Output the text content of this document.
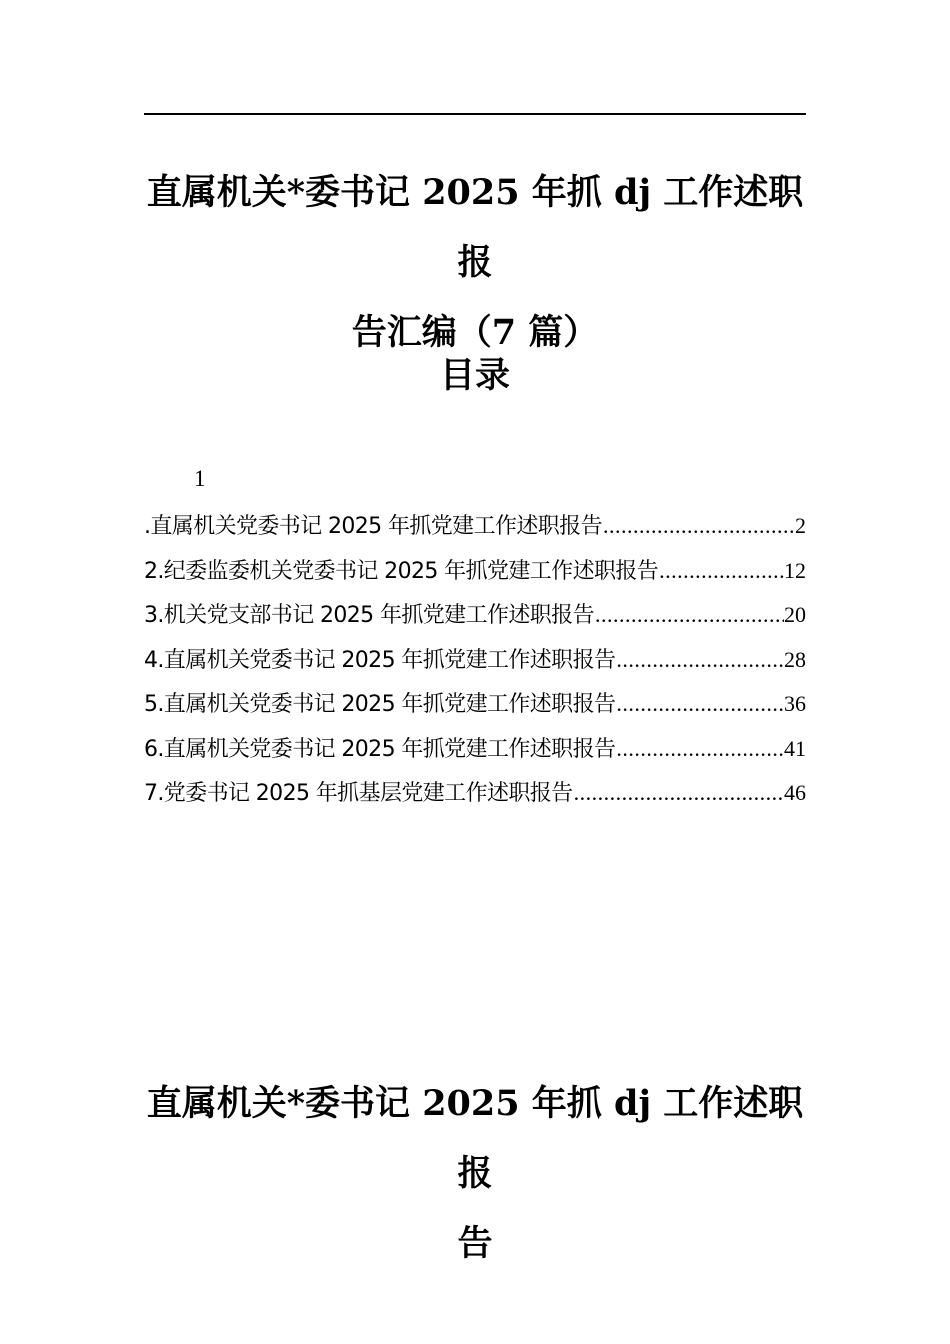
直属机关*委书记 2025 年抓 dj 工作述职报
告汇编（7 篇）
目录
1
.直属机关党委书记 2025 年抓党建工作述职报告 .....	2
2.纪委监委机关党委书记 2025 年抓党建工作述职报告 .....	12
3.机关党支部书记 2025 年抓党建工作述职报告 .....	20
4.直属机关党委书记 2025 年抓党建工作述职报告 .....	28
5.直属机关党委书记 2025 年抓党建工作述职报告 .....	36
6.直属机关党委书记 2025 年抓党建工作述职报告 .....	41
7.党委书记 2025 年抓基层党建工作述职报告 .....	46
直属机关*委书记 2025 年抓 dj 工作述职报
告
